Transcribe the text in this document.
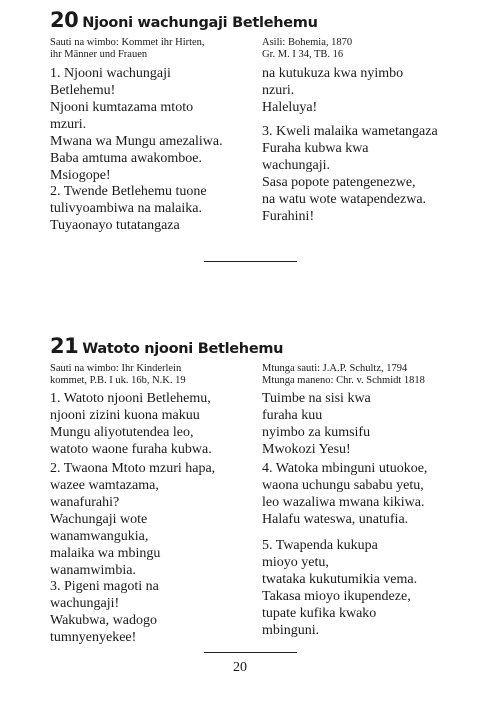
20 Njooni wachungaji Betlehemu
Sauti na wimbo: Kommet ihr Hirten,
ihr Männer und Frauen
Asili: Bohemia, 1870
Gr. M. I 34, TB. 16
1. Njooni wachungaji
Betlehemu!
Njooni kumtazama mtoto
mzuri.
Mwana wa Mungu amezaliwa.
Baba amtuma awakomboe.
Msiogope!
2. Twende Betlehemu tuone
tulivyoambiwa na malaika.
Tuyaonayo tutatangaza
na kutukuza kwa nyimbo
nzuri.
Haleluya!
3. Kweli malaika wametangaza
Furaha kubwa kwa
wachungaji.
Sasa popote patengenezwe,
na watu wote watapendezwa.
Furahini!
21 Watoto njooni Betlehemu
Sauti na wimbo: Ihr Kinderlein
kommet, P.B. I uk. 16b, N.K. 19
Mtunga sauti: J.A.P. Schultz, 1794
Mtunga maneno: Chr. v. Schmidt 1818
1. Watoto njooni Betlehemu,
njooni zizini kuona makuu
Mungu aliyotutendea leo,
watoto waone furaha kubwa.
2. Twaona Mtoto mzuri hapa,
wazee wamtazama,
wanafurahi?
Wachungaji wote
wanamwangukia,
malaika wa mbingu
wanamwimbia.
3. Pigeni magoti na
wachungaji!
Wakubwa, wadogo
tumnyenyekee!
Tuimbe na sisi kwa
furaha kuu
nyimbo za kumsifu
Mwokozi Yesu!
4. Watoka mbinguni utuokoe,
waona uchungu sababu yetu,
leo wazaliwa mwana kikiwa.
Halafu wateswa, unatufia.
5. Twapenda kukupa
mioyo yetu,
twataka kukutumikia vema.
Takasa mioyo ikupendeze,
tupate kufika kwako
mbinguni.
20
